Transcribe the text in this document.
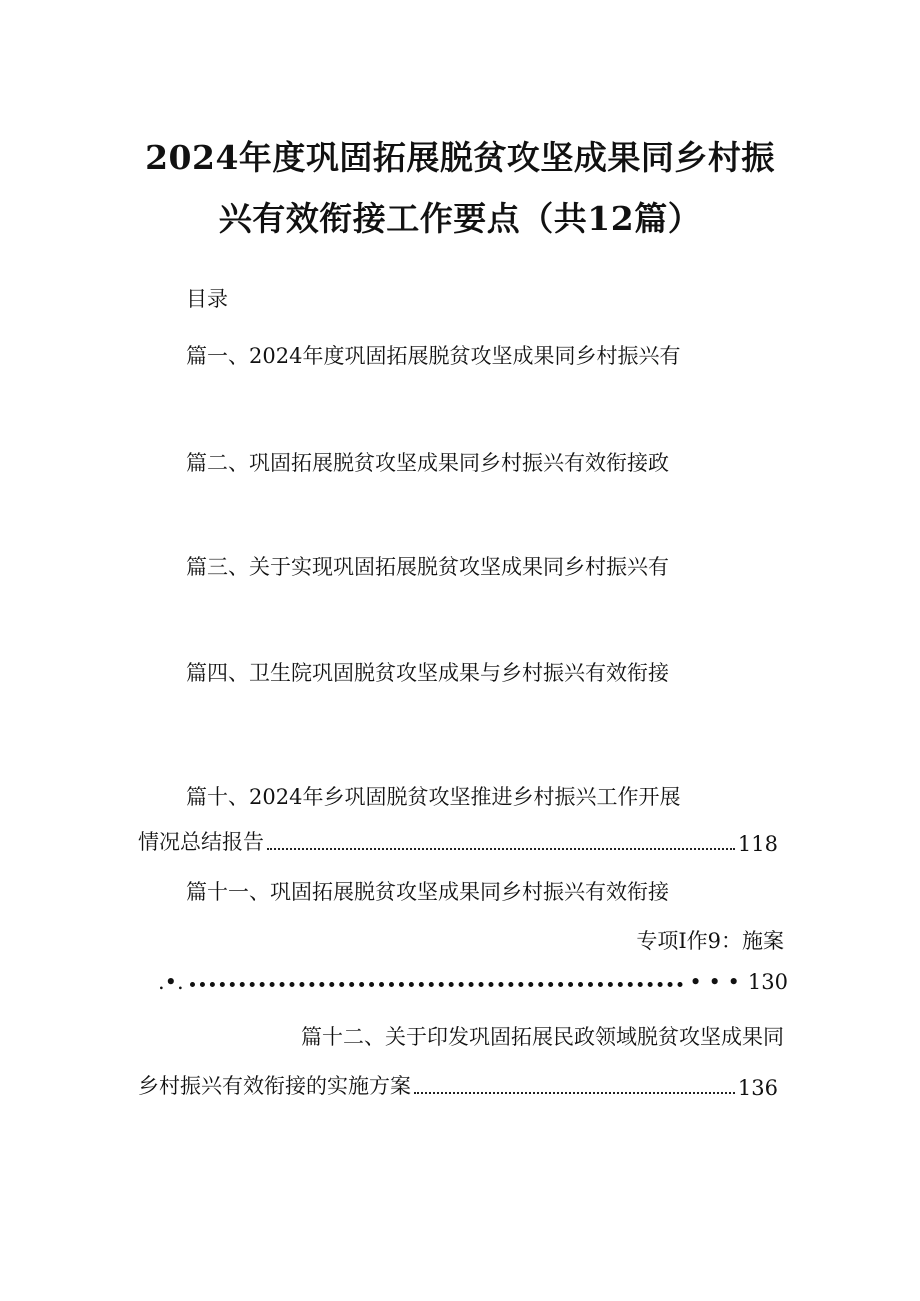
2024年度巩固拓展脱贫攻坚成果同乡村振
兴有效衔接工作要点（共12篇）
目录
篇一、2024年度巩固拓展脱贫攻坚成果同乡村振兴有
篇二、巩固拓展脱贫攻坚成果同乡村振兴有效衔接政
篇三、关于实现巩固拓展脱贫攻坚成果同乡村振兴有
篇四、卫生院巩固脱贫攻坚成果与乡村振兴有效衔接
篇十、2024年乡巩固脱贫攻坚推进乡村振兴工作开展
情况总结报告	118
篇十一、巩固拓展脱贫攻坚成果同乡村振兴有效衔接
专项I作9：施案
.•.	• • • 130
篇十二、关于印发巩固拓展民政领域脱贫攻坚成果同
乡村振兴有效衔接的实施方案	136
